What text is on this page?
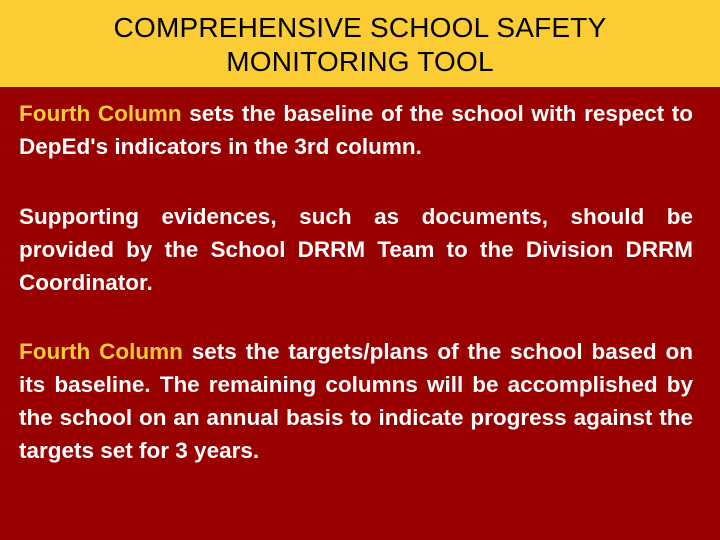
COMPREHENSIVE SCHOOL SAFETY
MONITORING TOOL

Fourth Column sets the baseline of the school with respect to DepEd's indicators in the 3rd column.

Supporting evidences, such as documents, should be provided by the School DRRM Team to the Division DRRM Coordinator.

Fourth Column sets the targets/plans of the school based on its baseline. The remaining columns will be accomplished by the school on an annual basis to indicate progress against the targets set for 3 years.
